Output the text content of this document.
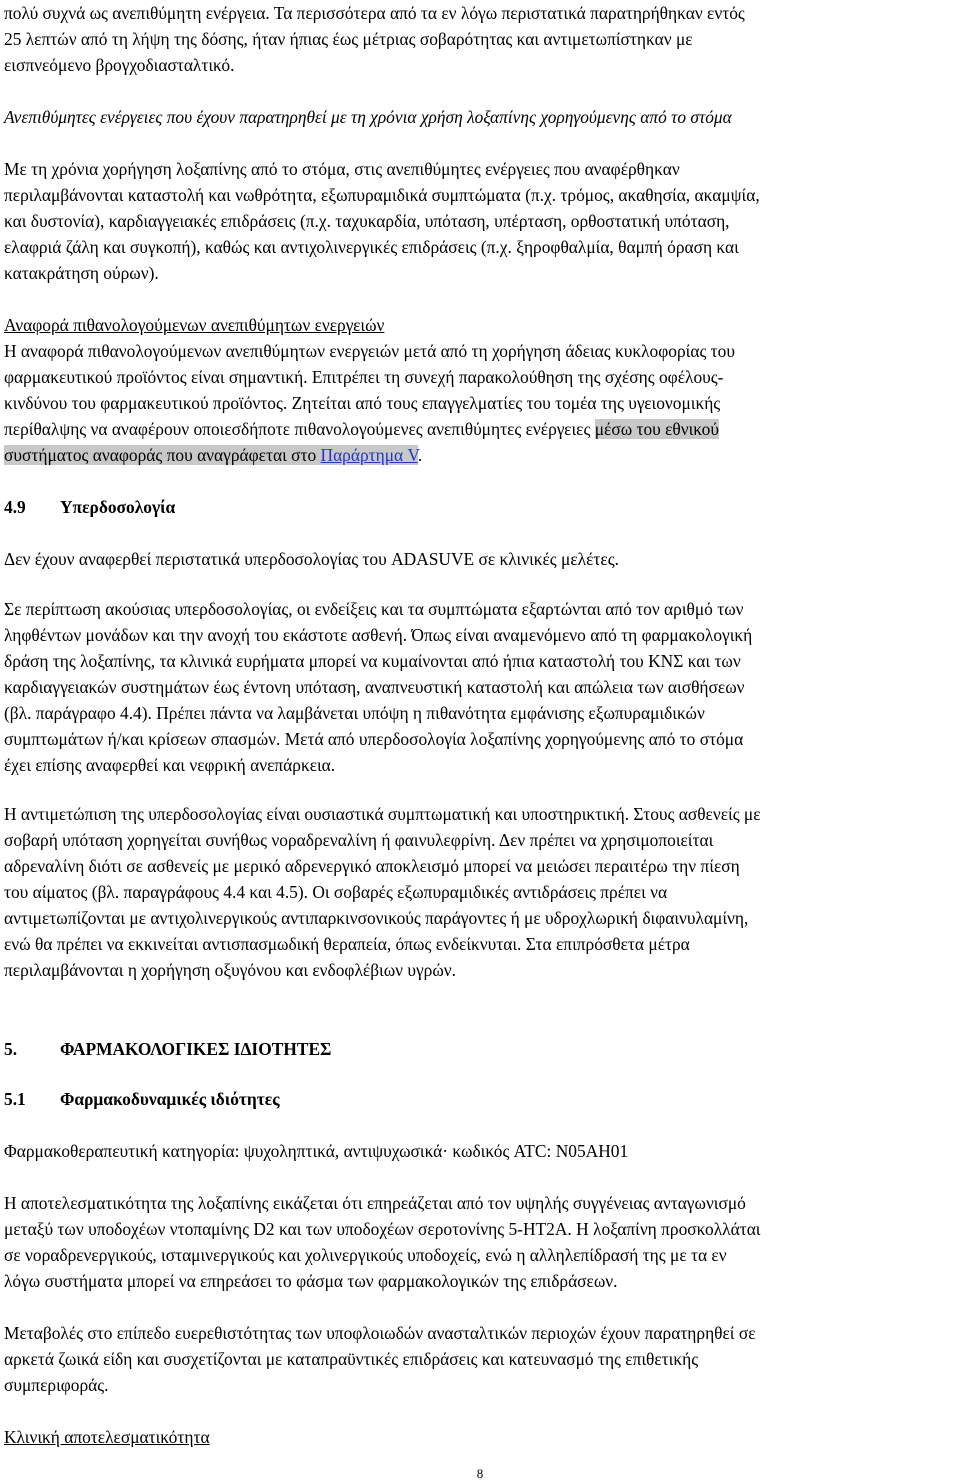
πολύ συχνά ως ανεπιθύμητη ενέργεια. Τα περισσότερα από τα εν λόγω περιστατικά παρατηρήθηκαν εντός
25 λεπτών από τη λήψη της δόσης, ήταν ήπιας έως μέτριας σοβαρότητας και αντιμετωπίστηκαν με
εισπνεόμενο βρογχοδιασταλτικό.

Ανεπιθύμητες ενέργειες που έχουν παρατηρηθεί με τη χρόνια χρήση λοξαπίνης χορηγούμενης από το στόμα

Με τη χρόνια χορήγηση λοξαπίνης από το στόμα, στις ανεπιθύμητες ενέργειες που αναφέρθηκαν
περιλαμβάνονται καταστολή και νωθρότητα, εξωπυραμιδικά συμπτώματα (π.χ. τρόμος, ακαθησία, ακαμψία,
και δυστονία), καρδιαγγειακές επιδράσεις (π.χ. ταχυκαρδία, υπόταση, υπέρταση, ορθοστατική υπόταση,
ελαφριά ζάλη και συγκοπή), καθώς και αντιχολινεργικές επιδράσεις (π.χ. ξηροφθαλμία, θαμπή όραση και
κατακράτηση ούρων).

Αναφορά πιθανολογούμενων ανεπιθύμητων ενεργειών
Η αναφορά πιθανολογούμενων ανεπιθύμητων ενεργειών μετά από τη χορήγηση άδειας κυκλοφορίας του
φαρμακευτικού προϊόντος είναι σημαντική. Επιτρέπει τη συνεχή παρακολούθηση της σχέσης οφέλους-
κινδύνου του φαρμακευτικού προϊόντος. Ζητείται από τους επαγγελματίες του τομέα της υγειονομικής
περίθαλψης να αναφέρουν οποιεσδήποτε πιθανολογούμενες ανεπιθύμητες ενέργειες μέσω του εθνικού
συστήματος αναφοράς που αναγράφεται στο Παράρτημα V.

4.9 Υπερδοσολογία

Δεν έχουν αναφερθεί περιστατικά υπερδοσολογίας του ADASUVE σε κλινικές μελέτες.

Σε περίπτωση ακούσιας υπερδοσολογίας, οι ενδείξεις και τα συμπτώματα εξαρτώνται από τον αριθμό των
ληφθέντων μονάδων και την ανοχή του εκάστοτε ασθενή. Όπως είναι αναμενόμενο από τη φαρμακολογική
δράση της λοξαπίνης, τα κλινικά ευρήματα μπορεί να κυμαίνονται από ήπια καταστολή του ΚΝΣ και των
καρδιαγγειακών συστημάτων έως έντονη υπόταση, αναπνευστική καταστολή και απώλεια των αισθήσεων
(βλ. παράγραφο 4.4). Πρέπει πάντα να λαμβάνεται υπόψη η πιθανότητα εμφάνισης εξωπυραμιδικών
συμπτωμάτων ή/και κρίσεων σπασμών. Μετά από υπερδοσολογία λοξαπίνης χορηγούμενης από το στόμα
έχει επίσης αναφερθεί και νεφρική ανεπάρκεια.

Η αντιμετώπιση της υπερδοσολογίας είναι ουσιαστικά συμπτωματική και υποστηρικτική. Στους ασθενείς με
σοβαρή υπόταση χορηγείται συνήθως νοραδρεναλίνη ή φαινυλεφρίνη. Δεν πρέπει να χρησιμοποιείται
αδρεναλίνη διότι σε ασθενείς με μερικό αδρενεργικό αποκλεισμό μπορεί να μειώσει περαιτέρω την πίεση
του αίματος (βλ. παραγράφους 4.4 και 4.5). Οι σοβαρές εξωπυραμιδικές αντιδράσεις πρέπει να
αντιμετωπίζονται με αντιχολινεργικούς αντιπαρκινσονικούς παράγοντες ή με υδροχλωρική διφαινυλαμίνη,
ενώ θα πρέπει να εκκινείται αντισπασμωδική θεραπεία, όπως ενδείκνυται. Στα επιπρόσθετα μέτρα
περιλαμβάνονται η χορήγηση οξυγόνου και ενδοφλέβιων υγρών.

5. ΦΑΡΜΑΚΟΛΟΓΙΚΕΣ ΙΔΙΟΤΗΤΕΣ

5.1 Φαρμακοδυναμικές ιδιότητες

Φαρμακοθεραπευτική κατηγορία: ψυχοληπτικά, αντιψυχωσικά· κωδικός ATC: N05AH01

Η αποτελεσματικότητα της λοξαπίνης εικάζεται ότι επηρεάζεται από τον υψηλής συγγένειας ανταγωνισμό
μεταξύ των υποδοχέων ντοπαμίνης D2 και των υποδοχέων σεροτονίνης 5-HT2A. Η λοξαπίνη προσκολλάται
σε νοραδρενεργικούς, ισταμινεργικούς και χολινεργικούς υποδοχείς, ενώ η αλληλεπίδρασή της με τα εν
λόγω συστήματα μπορεί να επηρεάσει το φάσμα των φαρμακολογικών της επιδράσεων.

Μεταβολές στο επίπεδο ευερεθιστότητας των υποφλοιωδών ανασταλτικών περιοχών έχουν παρατηρηθεί σε
αρκετά ζωικά είδη και συσχετίζονται με καταπραϋντικές επιδράσεις και κατευνασμό της επιθετικής
συμπεριφοράς.

Κλινική αποτελεσματικότητα

8
